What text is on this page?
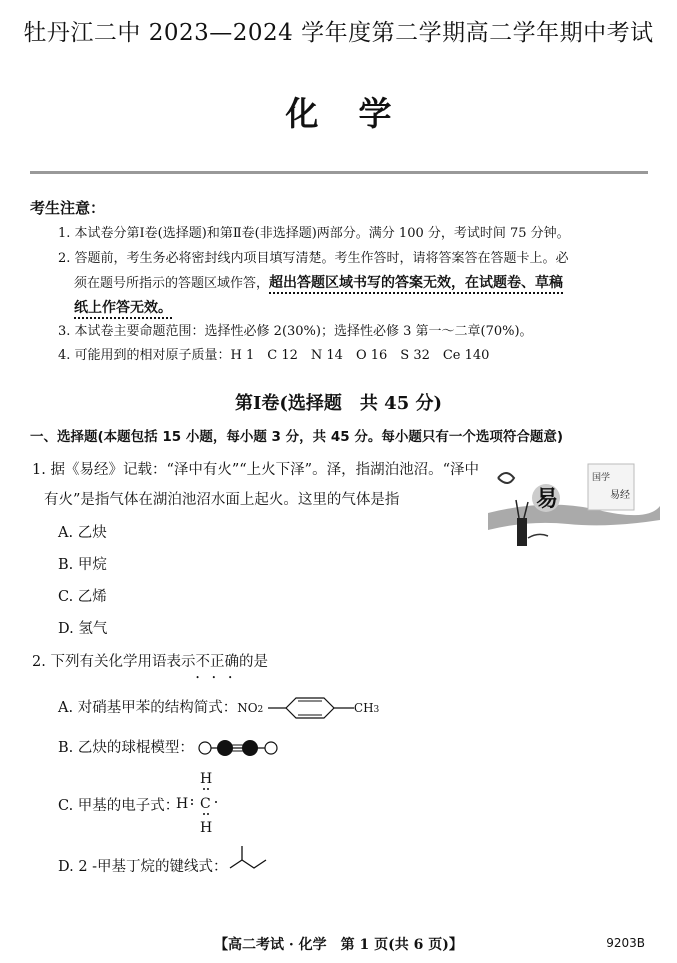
牡丹江二中 2023—2024 学年度第二学期高二学年期中考试
化学
考生注意：
1. 本试卷分第Ⅰ卷(选择题)和第Ⅱ卷(非选择题)两部分。满分 100 分，考试时间 75 分钟。
2. 答题前，考生务必将密封线内项目填写清楚。考生作答时，请将答案答在答题卡上。必
须在题号所指示的答题区域作答，超出答题区域书写的答案无效，在试题卷、草稿
纸上作答无效。
3. 本试卷主要命题范围：选择性必修 2(30%)；选择性必修 3 第一～二章(70%)。
4. 可能用到的相对原子质量：H 1　C 12　N 14　O 16　S 32　Ce 140
第Ⅰ卷(选择题　共 45 分)
一、选择题(本题包括 15 小题，每小题 3 分，共 45 分。每小题只有一个选项符合题意)
1. 据《易经》记载：“泽中有火”“上火下泽”。泽，指湖泊池沼。“泽中
有火”是指气体在湖泊池沼水面上起火。这里的气体是指
A. 乙炔
B. 甲烷
C. 乙烯
D. 氢气
易
国学
易经
2. 下列有关化学用语表示不正确 • • •的是
A. 对硝基甲苯的结构简式：NO2	CH3
B. 乙炔的球棍模型：
C. 甲基的电子式：
H
H C
H
D. 2 -甲基丁烷的键线式：
【高二考试 · 化学　第 1 页(共 6 页)】	9203B
